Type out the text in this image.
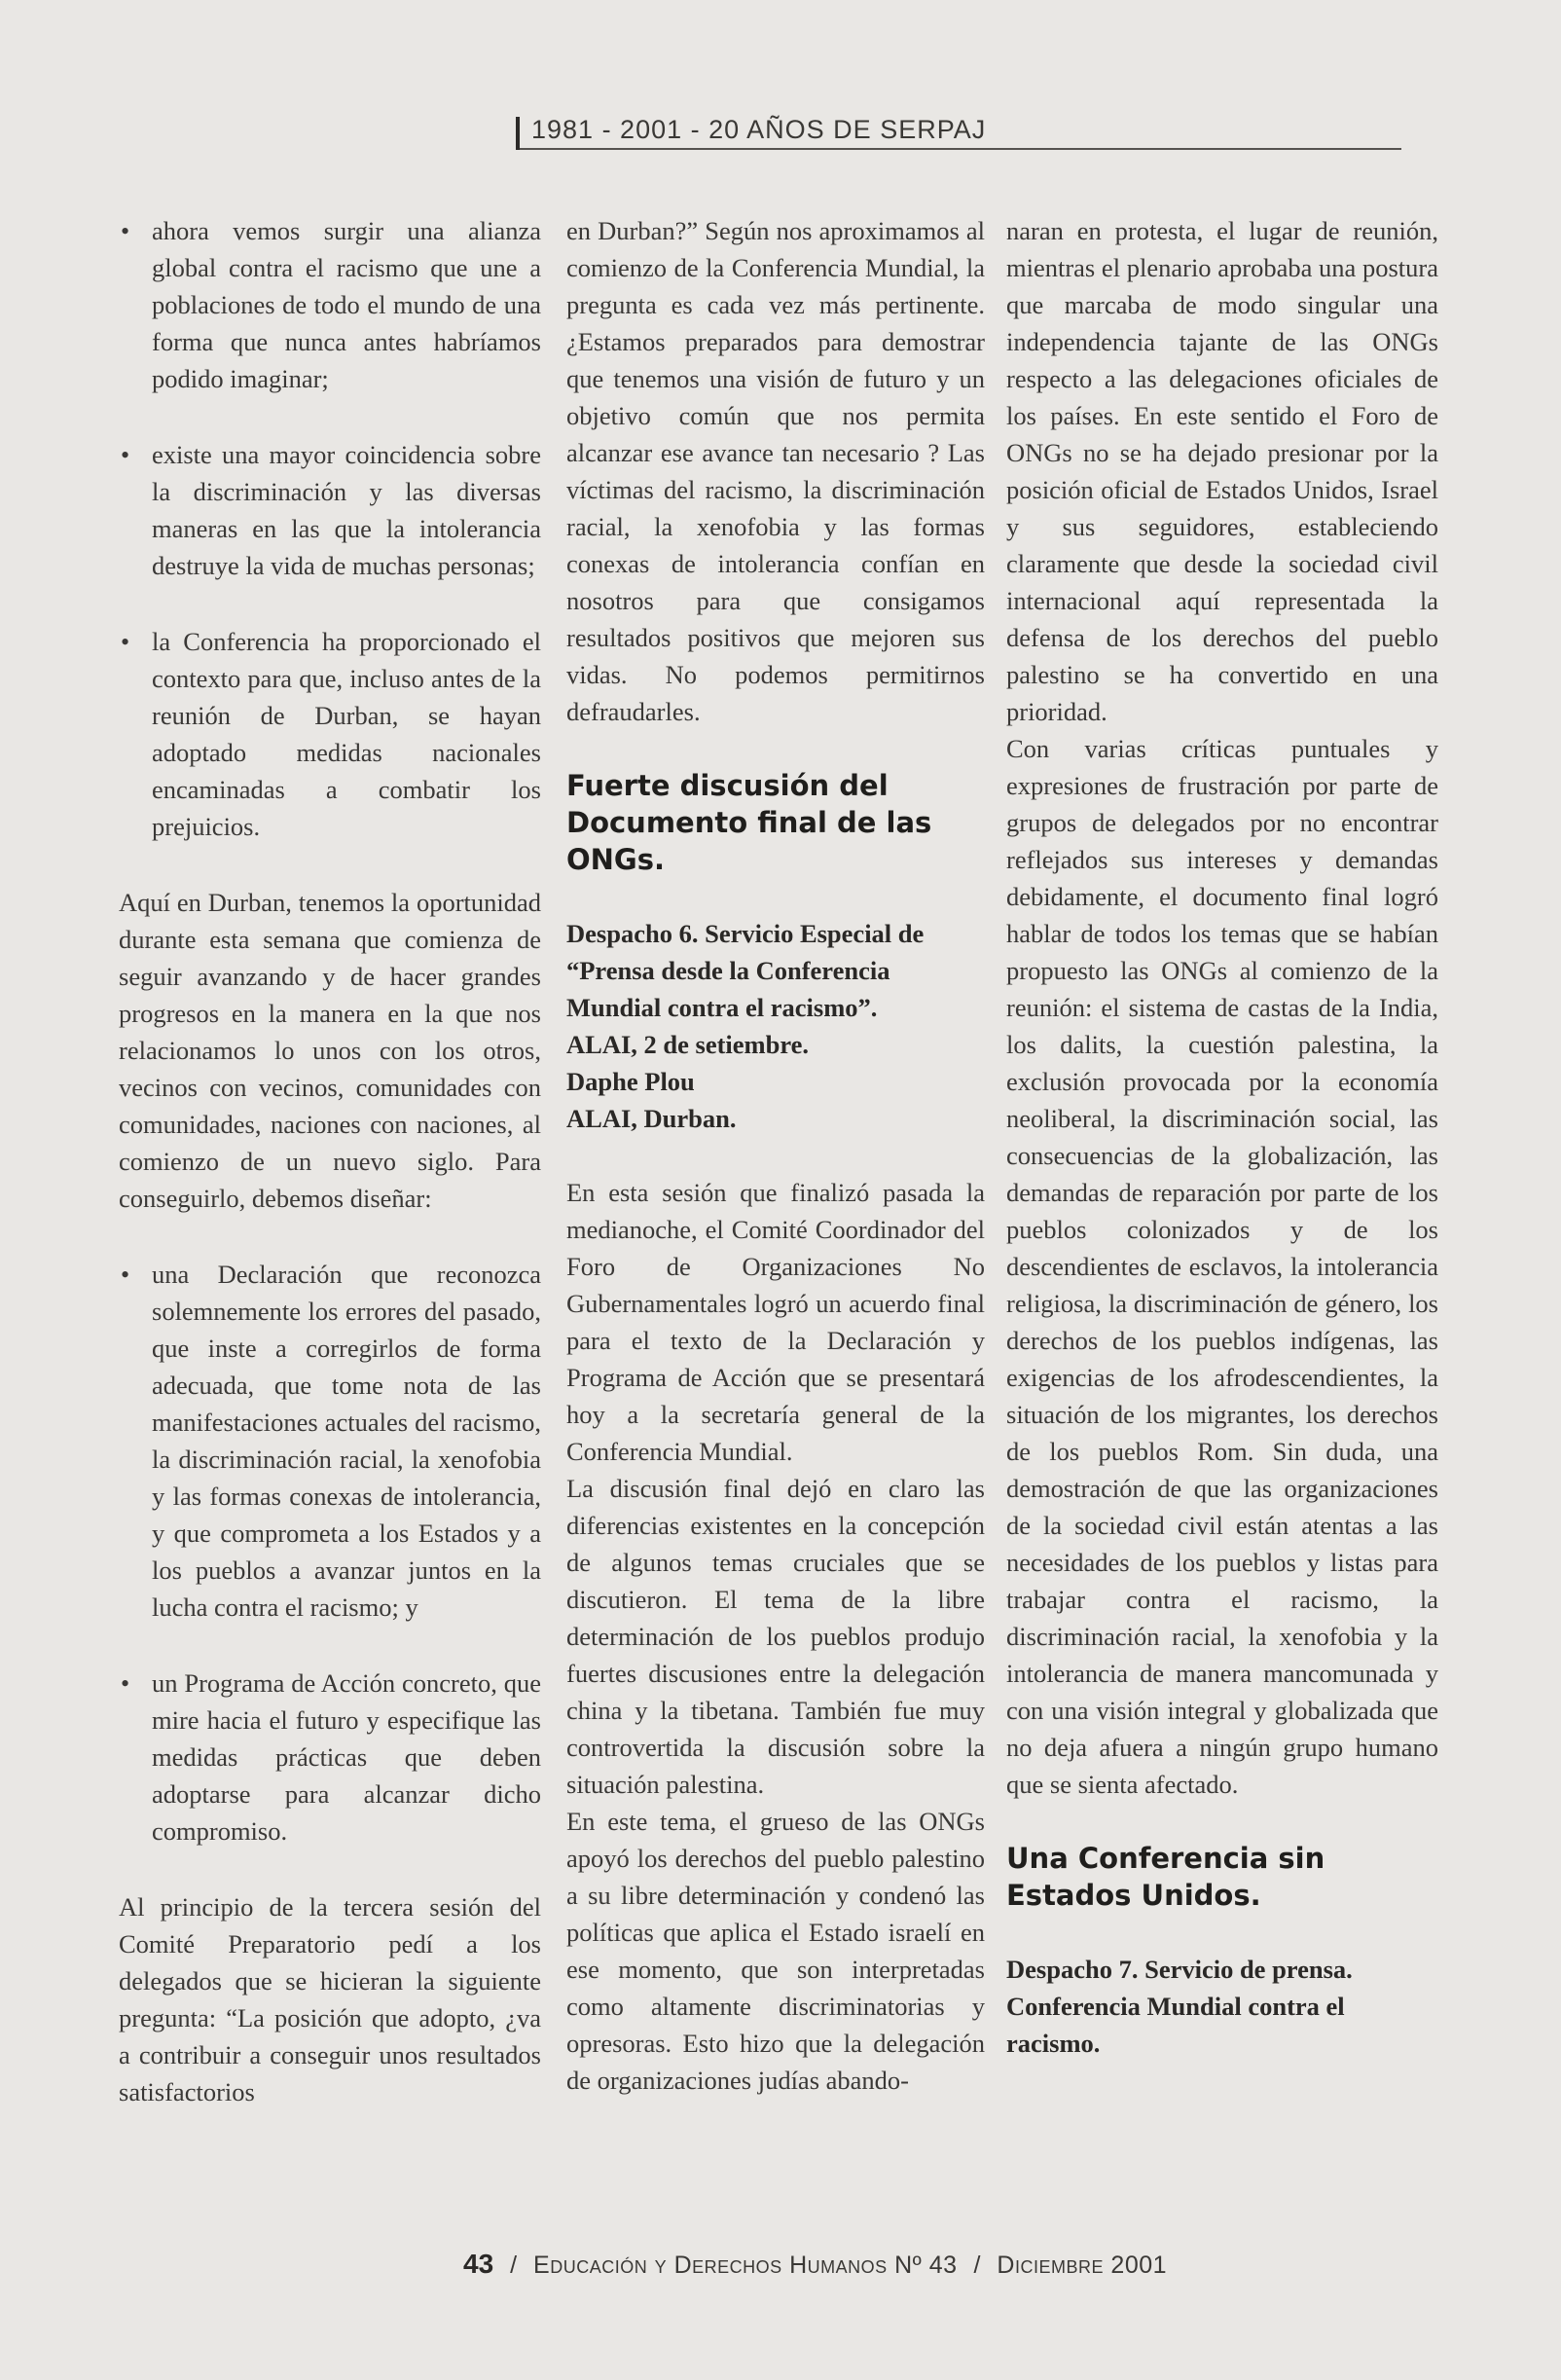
1981 - 2001 - 20 AÑOS DE SERPAJ
• ahora vemos surgir una alianza global contra el racismo que une a poblaciones de todo el mundo de una forma que nunca antes habríamos podido imaginar;
• existe una mayor coincidencia sobre la discriminación y las diversas maneras en las que la intolerancia destruye la vida de muchas personas;
• la Conferencia ha proporcionado el contexto para que, incluso antes de la reunión de Durban, se hayan adoptado medidas nacionales encaminadas a combatir los prejuicios.

Aquí en Durban, tenemos la oportunidad durante esta semana que comienza de seguir avanzando y de hacer grandes progresos en la manera en la que nos relacionamos lo unos con los otros, vecinos con vecinos, comunidades con comunidades, naciones con naciones, al comienzo de un nuevo siglo. Para conseguirlo, debemos diseñar:

• una Declaración que reconozca solemnemente los errores del pasado, que inste a corregirlos de forma adecuada, que tome nota de las manifestaciones actuales del racismo, la discriminación racial, la xenofobia y las formas conexas de intolerancia, y que comprometa a los Estados y a los pueblos a avanzar juntos en la lucha contra el racismo; y
• un Programa de Acción concreto, que mire hacia el futuro y especifique las medidas prácticas que deben adoptarse para alcanzar dicho compromiso.

Al principio de la tercera sesión del Comité Preparatorio pedí a los delegados que se hicieran la siguiente pregunta: “La posición que adopto, ¿va a contribuir a conseguir unos resultados satisfactorios

en Durban?” Según nos aproximamos al comienzo de la Conferencia Mundial, la pregunta es cada vez más pertinente. ¿Estamos preparados para demostrar que tenemos una visión de futuro y un objetivo común que nos permita alcanzar ese avance tan necesario ? Las víctimas del racismo, la discriminación racial, la xenofobia y las formas conexas de intolerancia confían en nosotros para que consigamos resultados positivos que mejoren sus vidas. No podemos permitirnos defraudarles.

Fuerte discusión del Documento final de las ONGs.

Despacho 6. Servicio Especial de “Prensa desde la Conferencia Mundial contra el racismo”.

ALAI, 2 de setiembre.

Daphe Plou

ALAI, Durban.

En esta sesión que finalizó pasada la medianoche, el Comité Coordinador del Foro de Organizaciones No Gubernamentales logró un acuerdo final para el texto de la Declaración y Programa de Acción que se presentará hoy a la secretaría general de la Conferencia Mundial.

La discusión final dejó en claro las diferencias existentes en la concepción de algunos temas cruciales que se discutieron. El tema de la libre determinación de los pueblos produjo fuertes discusiones entre la delegación china y la tibetana. También fue muy controvertida la discusión sobre la situación palestina.

En este tema, el grueso de las ONGs apoyó los derechos del pueblo palestino a su libre determinación y condenó las políticas que aplica el Estado israelí en ese momento, que son interpretadas como altamente discriminatorias y opresoras. Esto hizo que la delegación de organizaciones judías abando-

naran en protesta, el lugar de reunión, mientras el plenario aprobaba una postura que marcaba de modo singular una independencia tajante de las ONGs respecto a las delegaciones oficiales de los países. En este sentido el Foro de ONGs no se ha dejado presionar por la posición oficial de Estados Unidos, Israel y sus seguidores, estableciendo claramente que desde la sociedad civil internacional aquí representada la defensa de los derechos del pueblo palestino se ha convertido en una prioridad.

Con varias críticas puntuales y expresiones de frustración por parte de grupos de delegados por no encontrar reflejados sus intereses y demandas debidamente, el documento final logró hablar de todos los temas que se habían propuesto las ONGs al comienzo de la reunión: el sistema de castas de la India, los dalits, la cuestión palestina, la exclusión provocada por la economía neoliberal, la discriminación social, las consecuencias de la globalización, las demandas de reparación por parte de los pueblos colonizados y de los descendientes de esclavos, la intolerancia religiosa, la discriminación de género, los derechos de los pueblos indígenas, las exigencias de los afrodescendientes, la situación de los migrantes, los derechos de los pueblos Rom. Sin duda, una demostración de que las organizaciones de la sociedad civil están atentas a las necesidades de los pueblos y listas para trabajar contra el racismo, la discriminación racial, la xenofobia y la intolerancia de manera mancomunada y con una visión integral y globalizada que no deja afuera a ningún grupo humano que se sienta afectado.

Una Conferencia sin Estados Unidos.

Despacho 7. Servicio de prensa. Conferencia Mundial contra el racismo.

43 / Educación y Derechos Humanos Nº 43 / Diciembre 2001
